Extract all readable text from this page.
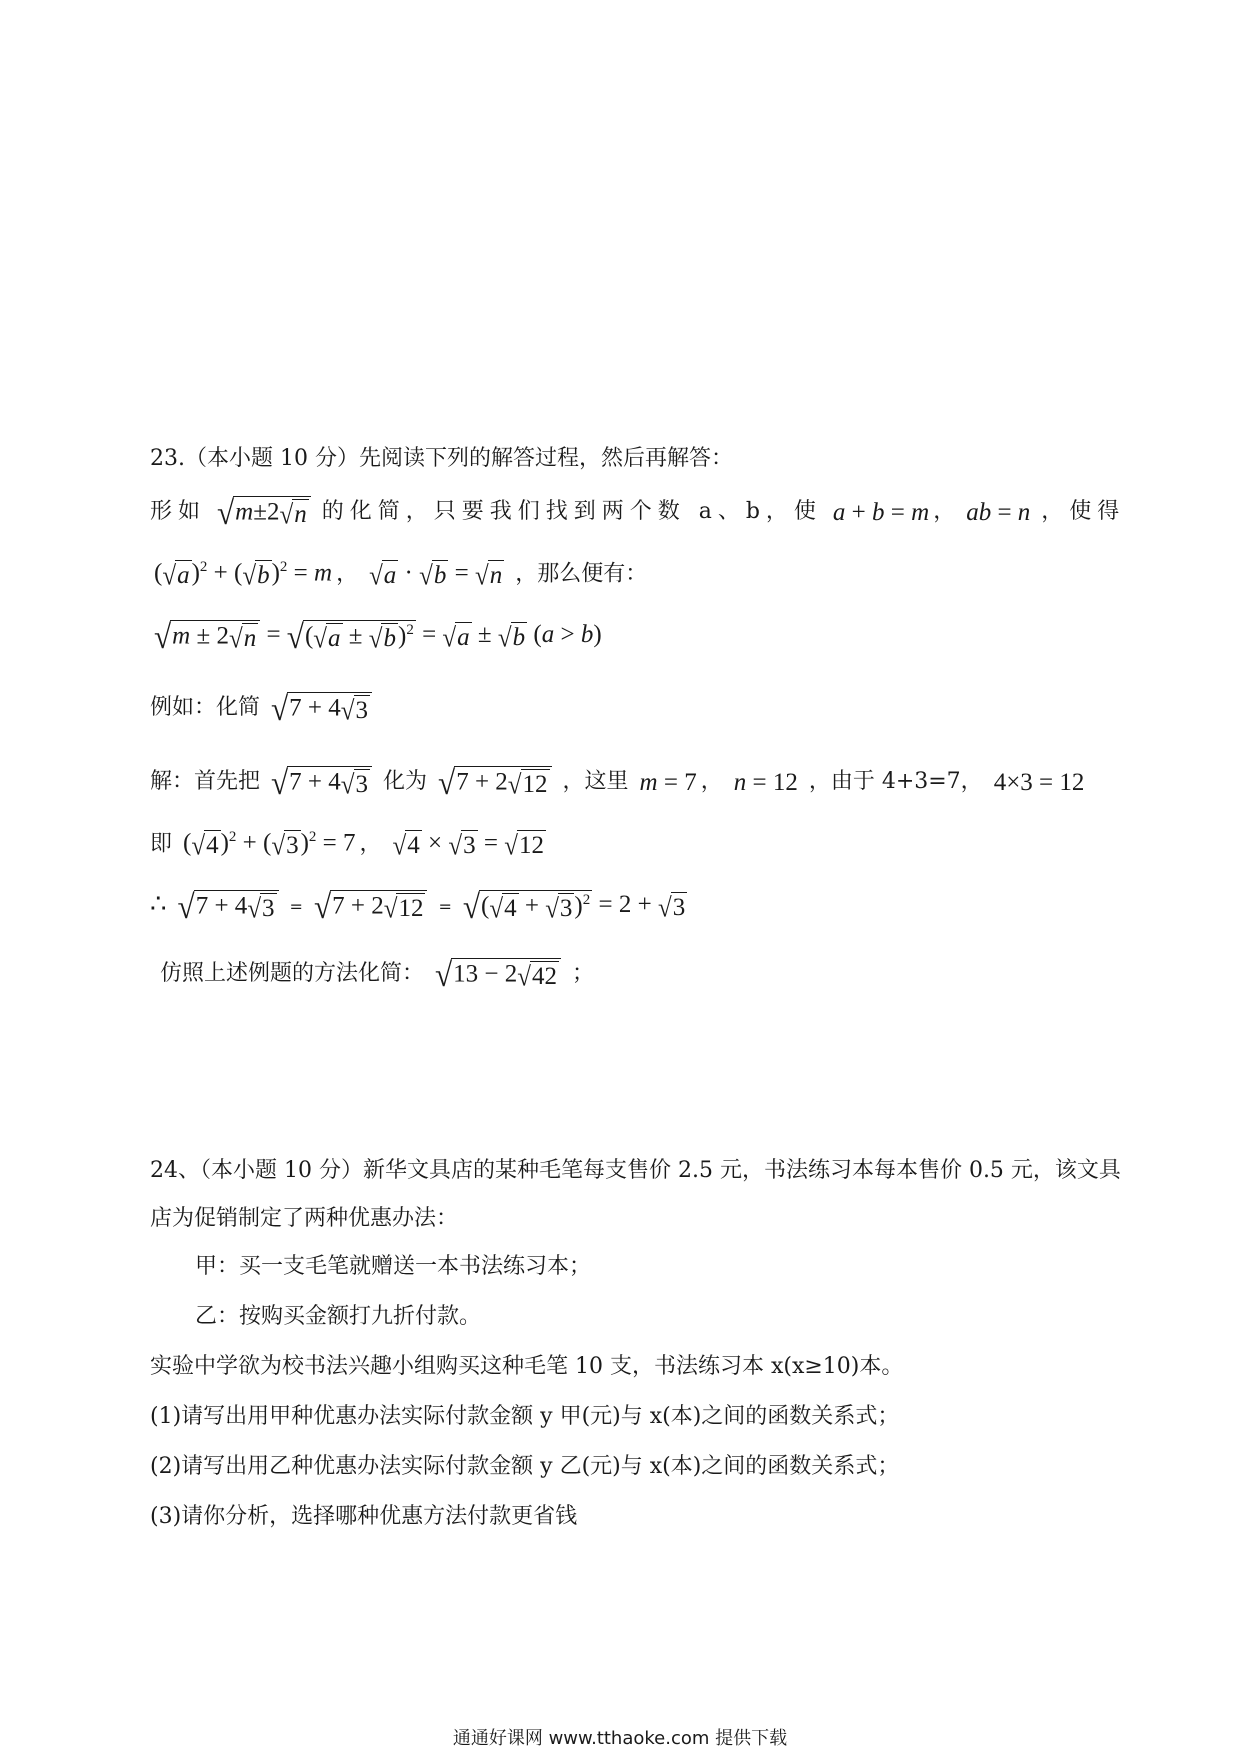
23.（本小题 10 分）先阅读下列的解答过程，然后再解答：
形如 √ m±2 √ n 的化简，只要我们找到两个数 a、b，使 a + b = m ， ab = n ，使得
( √ a )$^2$ + ( √ b )$^2$ = m ， √ a · √ b = √ n ，那么便有：
√ m ± 2 √ n = √ ( √ a ± √ b )$^2$ = √ a ± √ b (a > b)
例如：化简 √ 7 + 4 √ 3
解：首先把 √ 7 + 4 √ 3 化为 √ 7 + 2 √ 12 ，这里 m = 7 ， n = 12 ，由于 4+3=7， 4×3 = 12
即 ( √ 4 )$^2$ + ( √ 3 )$^2$ = 7 ， √ 4 × √ 3 = √ 12
∴ √ 7 + 4 √ 3 = √ 7 + 2 √ 12 = √ ( √ 4 + √ 3 )$^2$ = 2 + √ 3
仿照上述例题的方法化简： √ 13 − 2 √ 42 ；
24、（本小题 10 分）新华文具店的某种毛笔每支售价 2.5 元，书法练习本每本售价 0.5 元，该文具
店为促销制定了两种优惠办法：
甲：买一支毛笔就赠送一本书法练习本；
乙：按购买金额打九折付款。
实验中学欲为校书法兴趣小组购买这种毛笔 10 支，书法练习本 x(x≥10)本。
(1)请写出用甲种优惠办法实际付款金额 y 甲(元)与 x(本)之间的函数关系式；
(2)请写出用乙种优惠办法实际付款金额 y 乙(元)与 x(本)之间的函数关系式；
(3)请你分析，选择哪种优惠方法付款更省钱
通通好课网 www.tthaoke.com 提供下载
